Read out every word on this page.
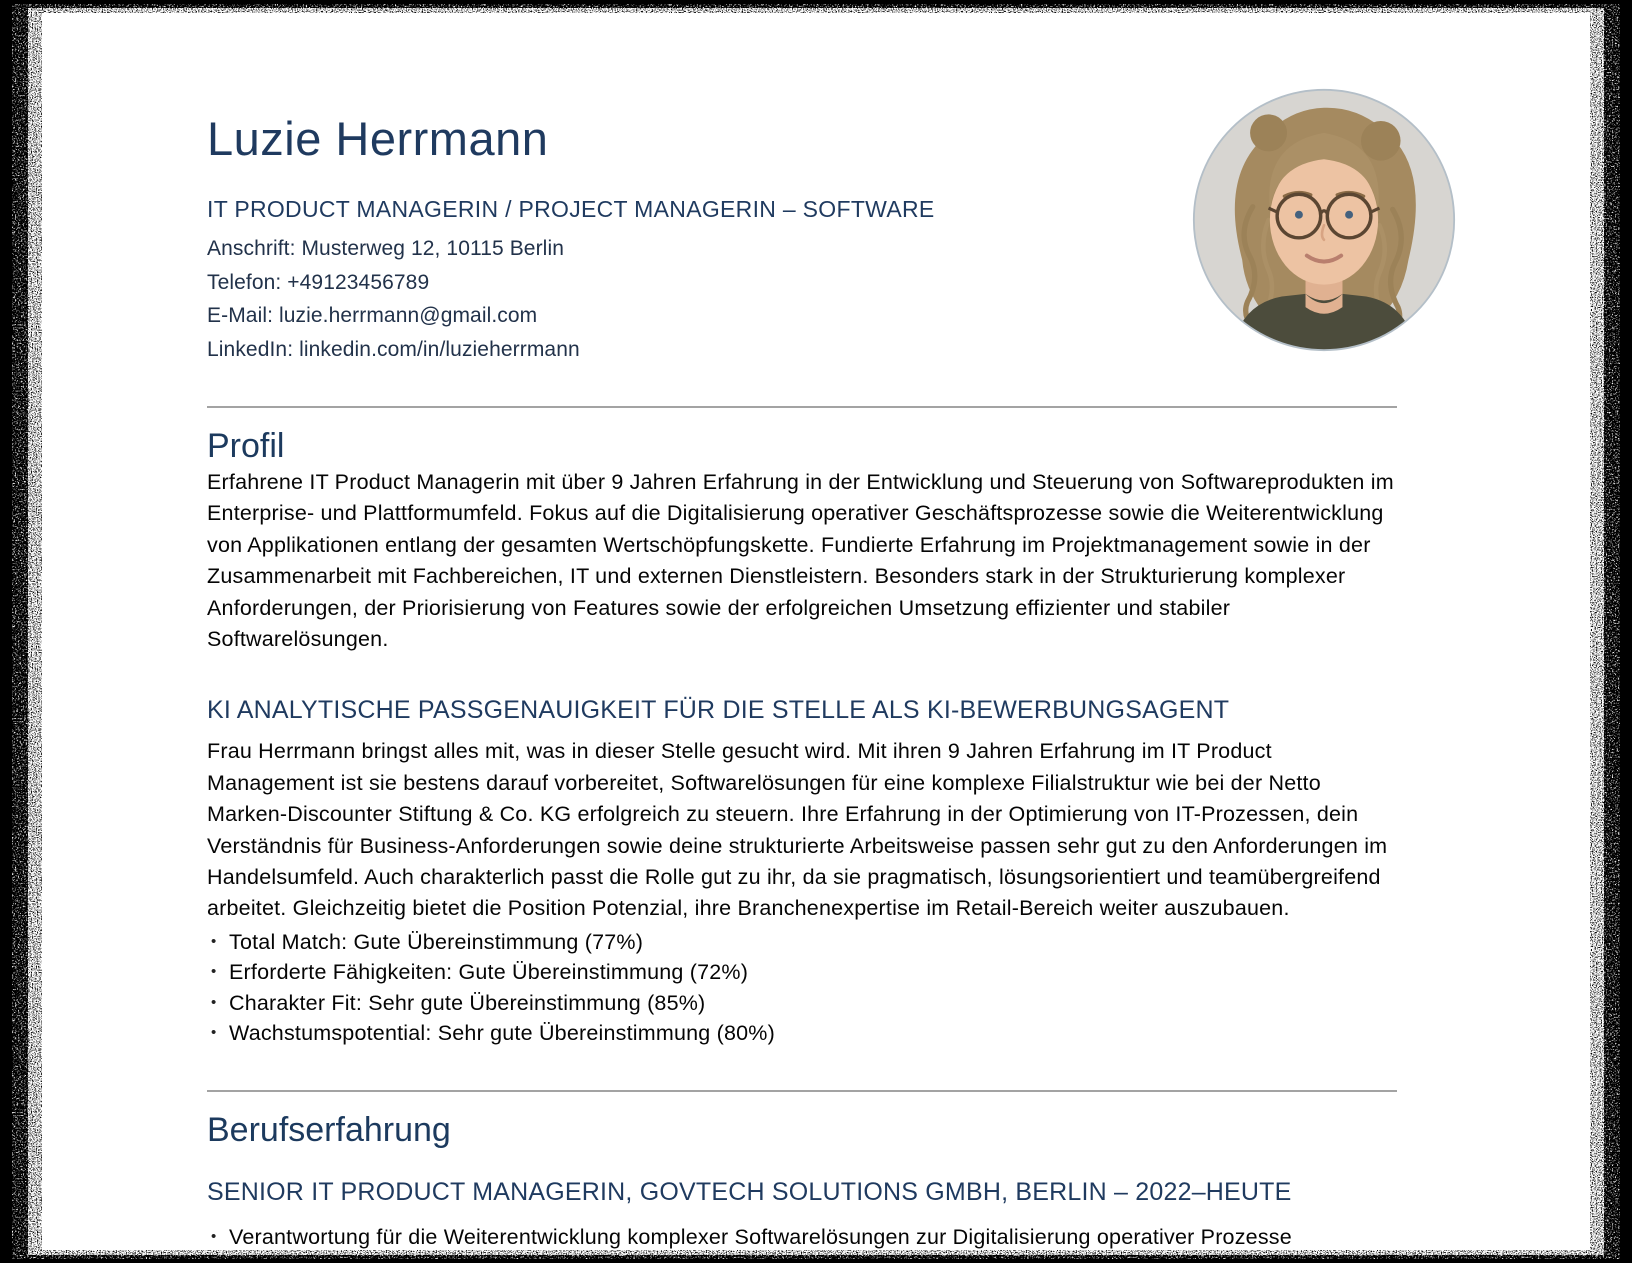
Luzie Herrmann
IT PRODUCT MANAGERIN / PROJECT MANAGERIN – SOFTWARE
Anschrift: Musterweg 12, 10115 Berlin
Telefon: +49123456789
E-Mail: luzie.herrmann@gmail.com
LinkedIn: linkedin.com/in/luzieherrmann
Profil

Erfahrene IT Product Managerin mit über 9 Jahren Erfahrung in der Entwicklung und Steuerung von Softwareprodukten im Enterprise- und Plattformumfeld. Fokus auf die Digitalisierung operativer Geschäftsprozesse sowie die Weiterentwicklung von Applikationen entlang der gesamten Wertschöpfungskette. Fundierte Erfahrung im Projektmanagement sowie in der Zusammenarbeit mit Fachbereichen, IT und externen Dienstleistern. Besonders stark in der Strukturierung komplexer Anforderungen, der Priorisierung von Features sowie der erfolgreichen Umsetzung effizienter und stabiler Softwarelösungen.

KI ANALYTISCHE PASSGENAUIGKEIT FÜR DIE STELLE ALS KI-BEWERBUNGSAGENT

Frau Herrmann bringst alles mit, was in dieser Stelle gesucht wird. Mit ihren 9 Jahren Erfahrung im IT Product Management ist sie bestens darauf vorbereitet, Softwarelösungen für eine komplexe Filialstruktur wie bei der Netto Marken-Discounter Stiftung & Co. KG erfolgreich zu steuern. Ihre Erfahrung in der Optimierung von IT-Prozessen, dein Verständnis für Business-Anforderungen sowie deine strukturierte Arbeitsweise passen sehr gut zu den Anforderungen im Handelsumfeld. Auch charakterlich passt die Rolle gut zu ihr, da sie pragmatisch, lösungsorientiert und teamübergreifend arbeitet. Gleichzeitig bietet die Position Potenzial, ihre Branchenexpertise im Retail-Bereich weiter auszubauen.

• Total Match: Gute Übereinstimmung (77%)
• Erforderte Fähigkeiten: Gute Übereinstimmung (72%)
• Charakter Fit: Sehr gute Übereinstimmung (85%)
• Wachstumspotential: Sehr gute Übereinstimmung (80%)
Berufserfahrung
SENIOR IT PRODUCT MANAGERIN, GOVTECH SOLUTIONS GMBH, BERLIN – 2022–HEUTE
• Verantwortung für die Weiterentwicklung komplexer Softwarelösungen zur Digitalisierung operativer Prozesse
